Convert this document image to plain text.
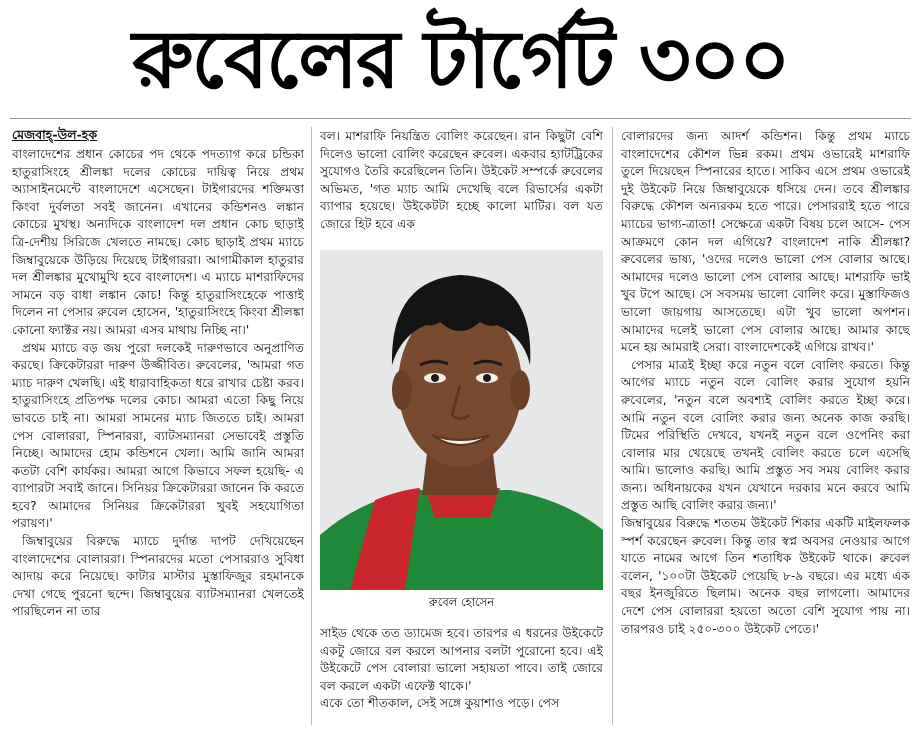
রুবেলের টার্গেট ৩০০
মেজবাহ্-উল-হক

বাংলাদেশের প্রধান কোচের পদ থেকে পদত্যাগ করে চন্ডিকা হাতুরাসিংহে শ্রীলঙ্কা দলের কোচের দায়িত্ব নিয়ে প্রথম অ্যাসাইনমেন্টে বাংলাদেশে এসেছেন। টাইগারদের শক্তিমত্তা কিংবা দুর্বলতা সবই জানেন। এখানের কন্ডিশনও লঙ্কান কোচের মুখস্থ। অন্যদিকে বাংলাদেশ দল প্রধান কোচ ছাড়াই ত্রি-দেশীয় সিরিজে খেলতে নামছে। কোচ ছাড়াই প্রথম ম্যাচে জিম্বাবুয়েকে উড়িয়ে দিয়েছে টাইগাররা। আগামীকাল হাতুরার দল শ্রীলঙ্কার মুখোমুখি হবে বাংলাদেশ। এ ম্যাচে মাশরাফিদের সামনে বড় বাধা লঙ্কান কোচ! কিন্তু হাতুরাসিংহেকে পাত্তাই দিলেন না পেসার রুবেল হোসেন, 'হাতুরাসিংহে কিংবা শ্রীলঙ্কা কোনো ফ্যাক্টর নয়। আমরা এসব মাথায় নিচ্ছি না।'

প্রথম ম্যাচে বড় জয় পুরো দলকেই দারুণভাবে অনুপ্রাণিত করছে। ক্রিকেটাররা দারুণ উজ্জীবিত। রুবেলের, 'আমরা গত ম্যাচ দারুণ খেলছি। এই ধারাবাহিকতা ধরে রাখার চেষ্টা করব। হাতুরাসিংহে প্রতিপক্ষ দলের কোচ। আমরা এতো কিছু নিয়ে ভাবতে চাই না। আমরা সামনের ম্যাচ জিততে চাই। আমরা পেস বোলাররা, স্পিনাররা, ব্যাটসম্যানরা সেভাবেই প্রস্তুতি নিচ্ছে। আমাদের হোম কন্ডিশনে খেলা। আমি জানি আমরা কতটা বেশি কার্যকর। আমরা আগে কিভাবে সফল হয়েছি- এ ব্যাপারটা সবাই জানে। সিনিয়র ক্রিকেটাররা জানেন কি করতে হবে? আমাদের সিনিয়র ক্রিকেটাররা খুবই সহযোগিতা পরায়ণ।'

জিম্বাবুয়ের বিরুদ্ধে ম্যাচে দুর্দান্ত দাপট দেখিয়েছেন বাংলাদেশের বোলাররা। স্পিনারদের মতো পেসাররাও সুবিধা আদায় করে নিয়েছে। কাটার মাস্টার মুস্তাফিজুর রহমানকে দেখা গেছে পুরনো ছন্দে। জিম্বাবুয়ের ব্যাটসম্যানরা খেলতেই পারছিলেন না তার

বল। মাশরাফি নিয়ন্ত্রিত বোলিং করেছেন। রান কিছুটা বেশি দিলেও ভালো বোলিং করেছেন রুবেল। একবার হ্যাটট্রিকের সুযোগও তৈরি করেছিলেন তিনি। উইকেট সম্পর্কে রুবেলের অভিমত, 'গত ম্যাচ আমি দেখেছি বলে রিভার্সের একটা ব্যাপার হয়েছে। উইকেটটা হচ্ছে কালো মাটির। বল যত জোরে হিট হবে এক

রুবেল হোসেন

সাইড থেকে তত ড্যামেজ হবে। তারপর এ ধরনের উইকেটে একটু জোরে বল করলে আপনার বলটা পুরোনো হবে। এই উইকেটে পেস বোলারা ভালো সহায়তা পাবে। তাই জোরে বল করলে একটা এফেক্ট থাকে।'

একে তো শীতকাল, সেই সঙ্গে কুয়াশাও পড়ে। পেস

বোলারদের জন্য আদর্শ কন্ডিশন। কিন্তু প্রথম ম্যাচে বাংলাদেশের কৌশল ভিন্ন রকম। প্রথম ওভারেই মাশরাফি তুলে দিয়েছেন স্পিনারের হাতে। সাকিব এসে প্রথম ওভারেই দুই উইকেট নিয়ে জিম্বাবুয়েকে ধসিয়ে দেন। তবে শ্রীলঙ্কার বিরুদ্ধে কৌশল অন্যরকম হতে পারে। পেসাররাই হতে পারে ম্যাচের ভাগ্য-ত্রাতা! সেক্ষেত্রে একটা বিষয় চলে আসে- পেস আক্রমণে কোন দল এগিয়ে? বাংলাদেশ নাকি শ্রীলঙ্কা? রুবেলের ভাষ্য, 'ওদের দলেও ভালো পেস বোলার আছে। আমাদের দলেও ভালো পেস বোলার আছে। মাশরাফি ভাই খুব টপে আছে। সে সবসময় ভালো বোলিং করে। মুস্তাফিজও ভালো জায়গায় আসতেছে। এটা খুব ভালো অপশন। আমাদের দলেই ভালো পেস বোলার আছে। আমার কাছে মনে হয় আমরাই সেরা। বাংলাদেশকেই এগিয়ে রাখব।'

পেসার মাত্রই ইচ্ছা করে নতুন বলে বোলিং করতে। কিন্তু আগের ম্যাচে নতুন বলে বোলিং করার সুযোগ হয়নি রুবেলের, 'নতুন বলে অবশ্যই বোলিং করতে ইচ্ছা করে। আমি নতুন বলে বোলিং করার জন্য অনেক কাজ করছি। টিমের পরিস্থিতি দেখবে, যখনই নতুন বলে ওপেনিং করা বোলার মার খেয়েছে তখনই বোলিং করতে চলে এসেছি আমি। ভালোও করছি। আমি প্রস্তুত সব সময় বোলিং করার জন্য। অধিনায়কের যখন যেখানে দরকার মনে করবে আমি প্রস্তুত আছি বোলিং করার জন্য।'

জিম্বাবুয়ের বিরুদ্ধে শততম উইকেট শিকার একটি মাইলফলক স্পর্শ করেছেন রুবেল। কিন্তু তার স্বপ্ন অবসর নেওয়ার আগে যাতে নামের আগে তিন শতাধিক উইকেট থাকে। রুবেল বলেন, '১০০টা উইকেট পেয়েছি ৮-৯ বছরে। এর মধ্যে এক বছর ইনজুরিতে ছিলাম। অনেক বছর লাগলো। আমাদের দেশে পেস বোলাররা হয়তো অতো বেশি সুযোগ পায় না। তারপরও চাই ২৫০-৩০০ উইকেট পেতে।'
